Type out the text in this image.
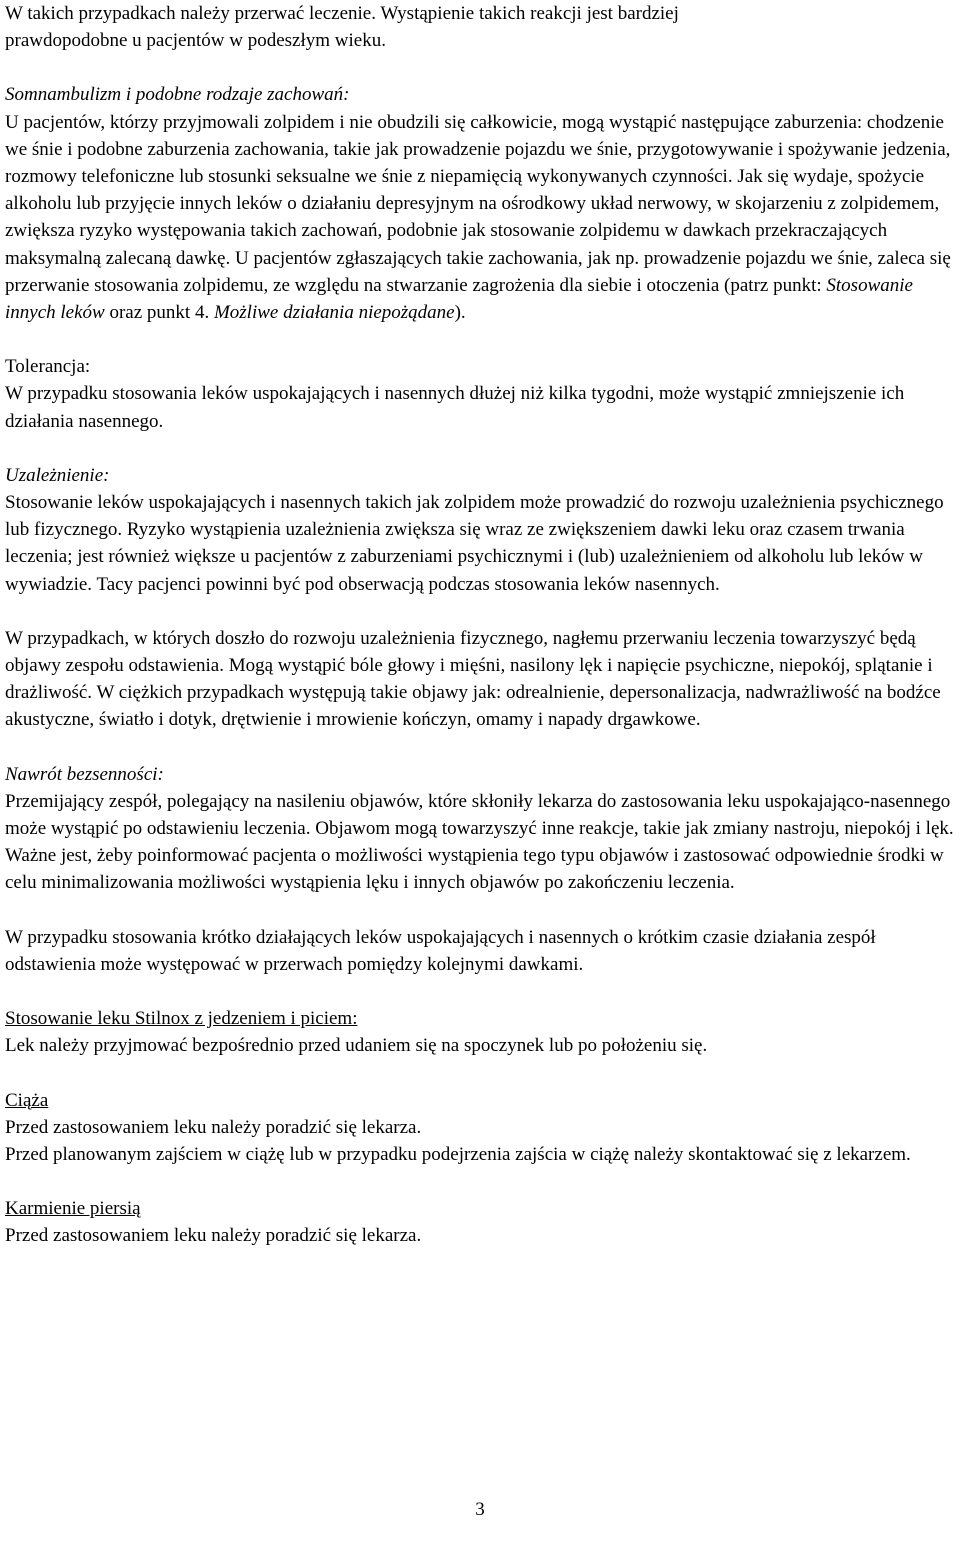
W takich przypadkach należy przerwać leczenie. Wystąpienie takich reakcji jest bardziej
prawdopodobne u pacjentów w podeszłym wieku.

Somnambulizm i podobne rodzaje zachowań:

U pacjentów, którzy przyjmowali zolpidem i nie obudzili się całkowicie, mogą wystąpić następujące zaburzenia: chodzenie we śnie i podobne zaburzenia zachowania, takie jak prowadzenie pojazdu we śnie, przygotowywanie i spożywanie jedzenia, rozmowy telefoniczne lub stosunki seksualne we śnie z niepamięcią wykonywanych czynności. Jak się wydaje, spożycie alkoholu lub przyjęcie innych leków o działaniu depresyjnym na ośrodkowy układ nerwowy, w skojarzeniu z zolpidemem, zwiększa ryzyko występowania takich zachowań, podobnie jak stosowanie zolpidemu w dawkach przekraczających maksymalną zalecaną dawkę. U pacjentów zgłaszających takie zachowania, jak np. prowadzenie pojazdu we śnie, zaleca się przerwanie stosowania zolpidemu, ze względu na stwarzanie zagrożenia dla siebie i otoczenia (patrz punkt: Stosowanie innych leków oraz punkt 4. Możliwe działania niepożądane).

Tolerancja:

W przypadku stosowania leków uspokajających i nasennych dłużej niż kilka tygodni, może wystąpić zmniejszenie ich działania nasennego.

Uzależnienie:

Stosowanie leków uspokajających i nasennych takich jak zolpidem może prowadzić do rozwoju uzależnienia psychicznego lub fizycznego. Ryzyko wystąpienia uzależnienia zwiększa się wraz ze zwiększeniem dawki leku oraz czasem trwania leczenia; jest również większe u pacjentów z zaburzeniami psychicznymi i (lub) uzależnieniem od alkoholu lub leków w wywiadzie. Tacy pacjenci powinni być pod obserwacją podczas stosowania leków nasennych.

W przypadkach, w których doszło do rozwoju uzależnienia fizycznego, nagłemu przerwaniu leczenia towarzyszyć będą objawy zespołu odstawienia. Mogą wystąpić bóle głowy i mięśni, nasilony lęk i napięcie psychiczne, niepokój, splątanie i drażliwość. W ciężkich przypadkach występują takie objawy jak: odrealnienie, depersonalizacja, nadwrażliwość na bodźce akustyczne, światło i dotyk, drętwienie i mrowienie kończyn, omamy i napady drgawkowe.

Nawrót bezsenności:

Przemijający zespół, polegający na nasileniu objawów, które skłoniły lekarza do zastosowania leku uspokajająco-nasennego może wystąpić po odstawieniu leczenia. Objawom mogą towarzyszyć inne reakcje, takie jak zmiany nastroju, niepokój i lęk.

Ważne jest, żeby poinformować pacjenta o możliwości wystąpienia tego typu objawów i zastosować odpowiednie środki w celu minimalizowania możliwości wystąpienia lęku i innych objawów po zakończeniu leczenia.

W przypadku stosowania krótko działających leków uspokajających i nasennych o krótkim czasie działania zespół odstawienia może występować w przerwach pomiędzy kolejnymi dawkami.

Stosowanie leku Stilnox z jedzeniem i piciem:

Lek należy przyjmować bezpośrednio przed udaniem się na spoczynek lub po położeniu się.

Ciąża

Przed zastosowaniem leku należy poradzić się lekarza.

Przed planowanym zajściem w ciążę lub w przypadku podejrzenia zajścia w ciążę należy skontaktować się z lekarzem.

Karmienie piersią

Przed zastosowaniem leku należy poradzić się lekarza.

3
